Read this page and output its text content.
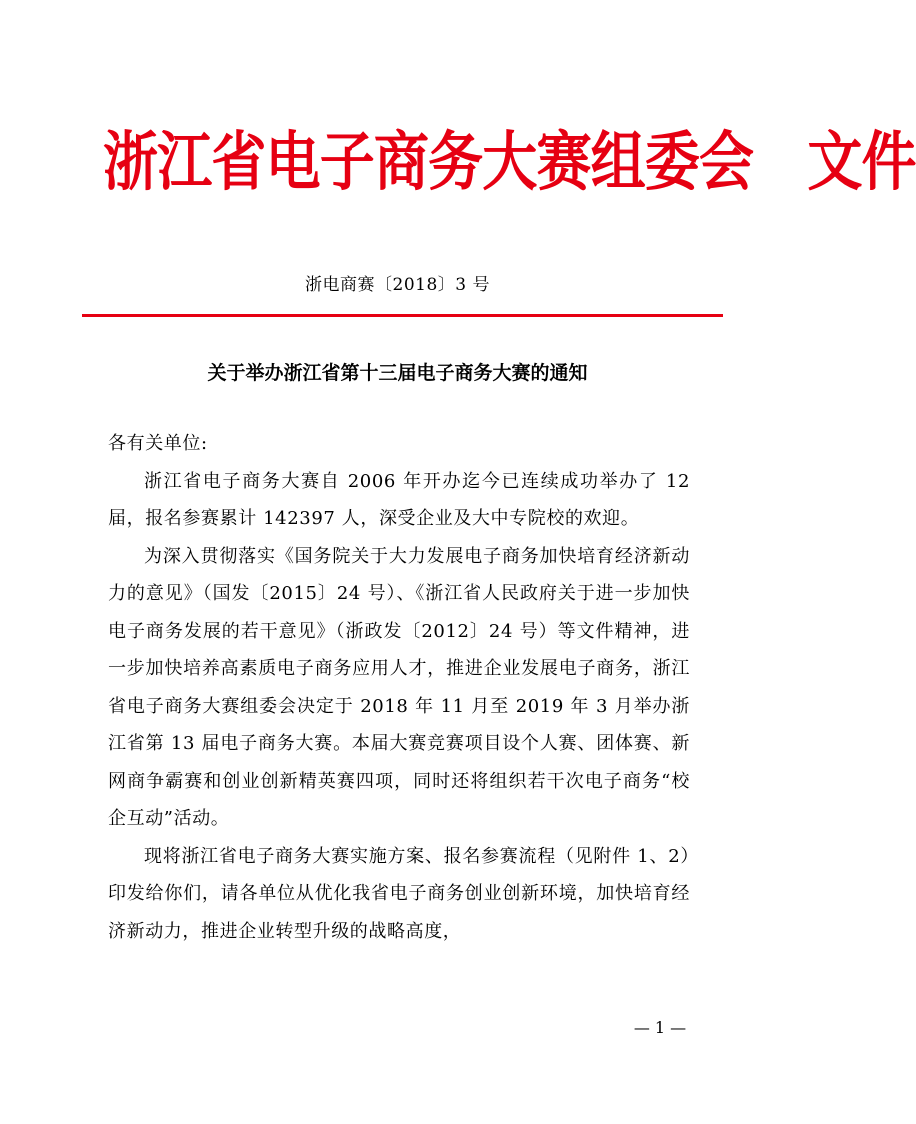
浙江省电子商务大赛组委会　文件
浙电商赛〔2018〕3 号
关于举办浙江省第十三届电子商务大赛的通知

各有关单位:

浙江省电子商务大赛自 2006 年开办迄今已连续成功举办了 12 届，报名参赛累计 142397 人，深受企业及大中专院校的欢迎。

为深入贯彻落实《国务院关于大力发展电子商务加快培育经济新动力的意见》（国发〔2015〕24 号）、《浙江省人民政府关于进一步加快电子商务发展的若干意见》（浙政发〔2012〕24 号）等文件精神，进一步加快培养高素质电子商务应用人才，推进企业发展电子商务，浙江省电子商务大赛组委会决定于 2018 年 11 月至 2019 年 3 月举办浙江省第 13 届电子商务大赛。本届大赛竞赛项目设个人赛、团体赛、新网商争霸赛和创业创新精英赛四项，同时还将组织若干次电子商务“校企互动”活动。

现将浙江省电子商务大赛实施方案、报名参赛流程（见附件 1、2）印发给你们，请各单位从优化我省电子商务创业创新环境，加快培育经济新动力，推进企业转型升级的战略高度，

— 1 —
